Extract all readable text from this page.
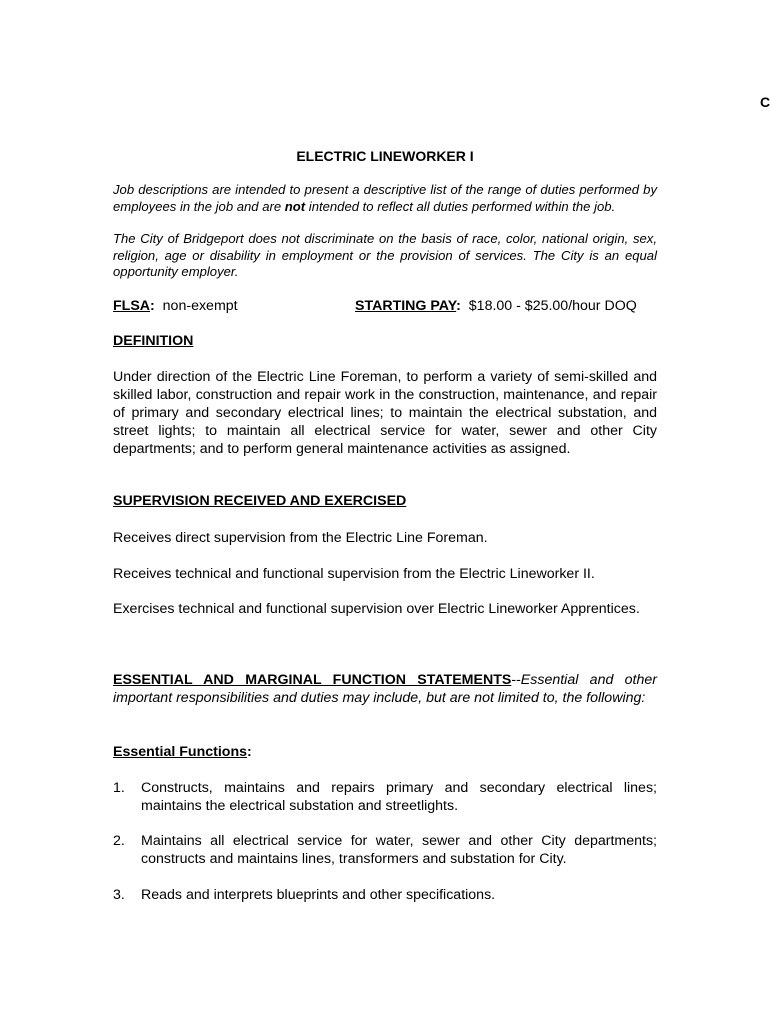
C
ELECTRIC LINEWORKER I
Job descriptions are intended to present a descriptive list of the range of duties performed by employees in the job and are not intended to reflect all duties performed within the job.
The City of Bridgeport does not discriminate on the basis of race, color, national origin, sex, religion, age or disability in employment or the provision of services. The City is an equal opportunity employer.
FLSA: non-exempt	STARTING PAY: $18.00 - $25.00/hour DOQ
DEFINITION
Under direction of the Electric Line Foreman, to perform a variety of semi-skilled and skilled labor, construction and repair work in the construction, maintenance, and repair of primary and secondary electrical lines; to maintain the electrical substation, and street lights; to maintain all electrical service for water, sewer and other City departments; and to perform general maintenance activities as assigned.
SUPERVISION RECEIVED AND EXERCISED
Receives direct supervision from the Electric Line Foreman.
Receives technical and functional supervision from the Electric Lineworker II.
Exercises technical and functional supervision over Electric Lineworker Apprentices.
ESSENTIAL AND MARGINAL FUNCTION STATEMENTS--Essential and other important responsibilities and duties may include, but are not limited to, the following:
Essential Functions:
1. Constructs, maintains and repairs primary and secondary electrical lines; maintains the electrical substation and streetlights.
2. Maintains all electrical service for water, sewer and other City departments; constructs and maintains lines, transformers and substation for City.
3. Reads and interprets blueprints and other specifications.
